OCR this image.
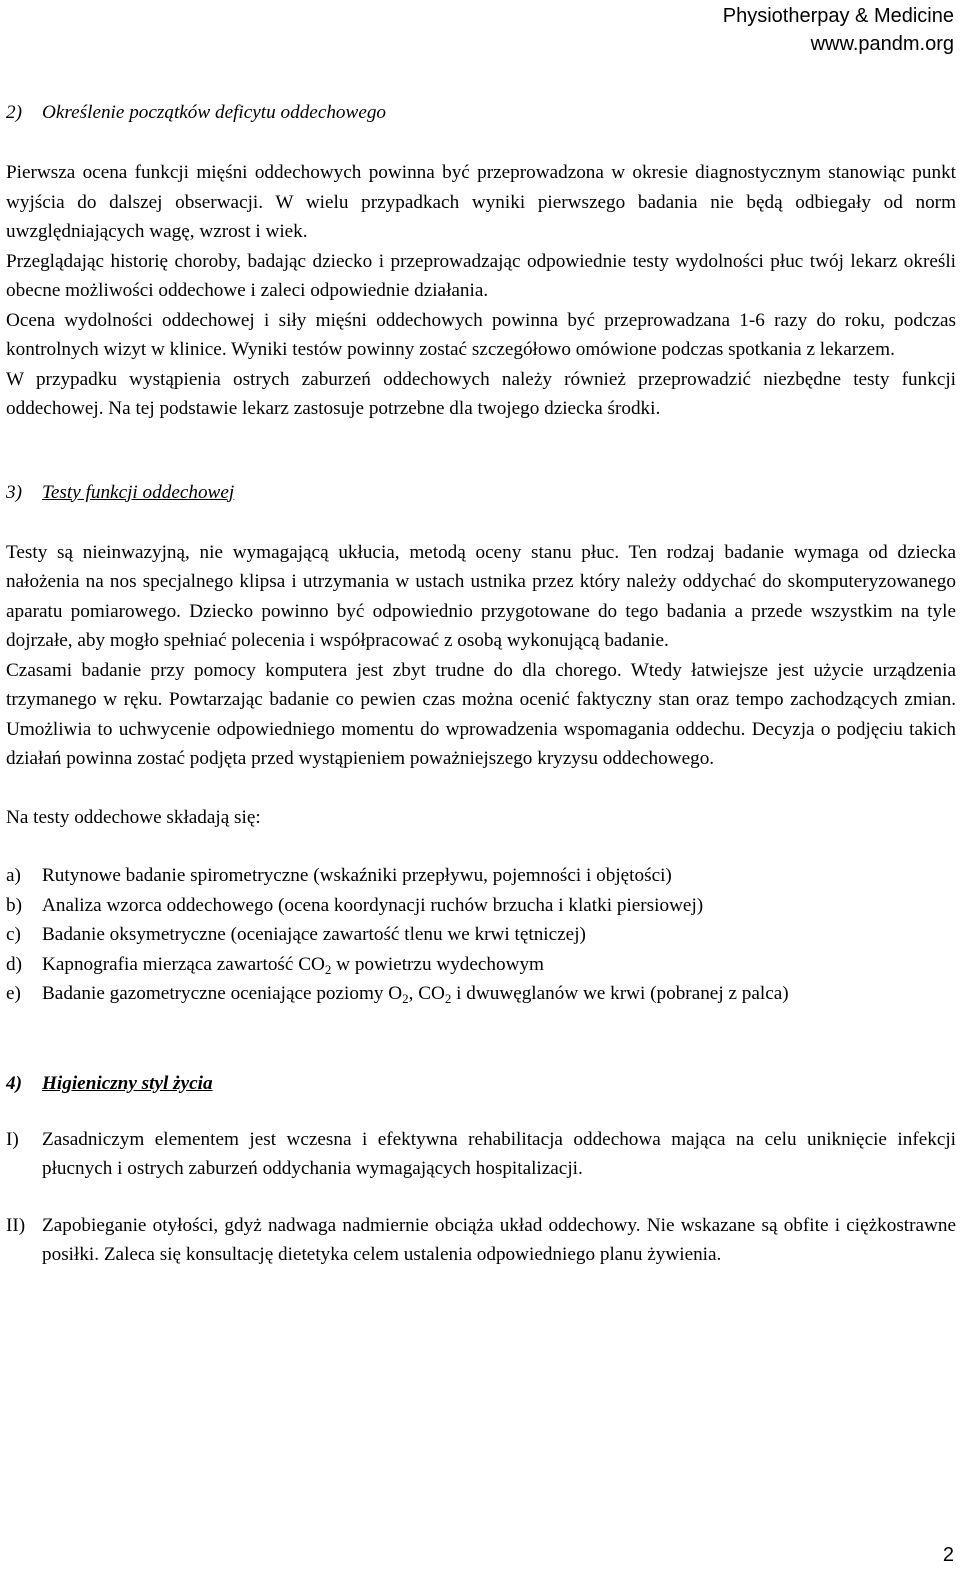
Physiotherpay & Medicine
www.pandm.org
2) Określenie początków deficytu oddechowego

Pierwsza ocena funkcji mięśni oddechowych powinna być przeprowadzona w okresie diagnostycznym stanowiąc punkt wyjścia do dalszej obserwacji. W wielu przypadkach wyniki pierwszego badania nie będą odbiegały od norm uwzględniających wagę, wzrost i wiek.

Przeglądając historię choroby, badając dziecko i przeprowadzając odpowiednie testy wydolności płuc twój lekarz określi obecne możliwości oddechowe i zaleci odpowiednie działania.

Ocena wydolności oddechowej i siły mięśni oddechowych powinna być przeprowadzana 1-6 razy do roku, podczas kontrolnych wizyt w klinice. Wyniki testów powinny zostać szczegółowo omówione podczas spotkania z lekarzem.

W przypadku wystąpienia ostrych zaburzeń oddechowych należy również przeprowadzić niezbędne testy funkcji oddechowej. Na tej podstawie lekarz zastosuje potrzebne dla twojego dziecka środki.

3) Testy funkcji oddechowej

Testy są nieinwazyjną, nie wymagającą ukłucia, metodą oceny stanu płuc. Ten rodzaj badanie wymaga od dziecka nałożenia na nos specjalnego klipsa i utrzymania w ustach ustnika przez który należy oddychać do skomputeryzowanego aparatu pomiarowego. Dziecko powinno być odpowiednio przygotowane do tego badania a przede wszystkim na tyle dojrzałe, aby mogło spełniać polecenia i współpracować z osobą wykonującą badanie.

Czasami badanie przy pomocy komputera jest zbyt trudne do dla chorego. Wtedy łatwiejsze jest użycie urządzenia trzymanego w ręku. Powtarzając badanie co pewien czas można ocenić faktyczny stan oraz tempo zachodzących zmian. Umożliwia to uchwycenie odpowiedniego momentu do wprowadzenia wspomagania oddechu. Decyzja o podjęciu takich działań powinna zostać podjęta przed wystąpieniem poważniejszego kryzysu oddechowego.

Na testy oddechowe składają się:

a)	Rutynowe badanie spirometryczne (wskaźniki przepływu, pojemności i objętości)
b)	Analiza wzorca oddechowego (ocena koordynacji ruchów brzucha i klatki piersiowej)
c)	Badanie oksymetryczne (oceniające zawartość tlenu we krwi tętniczej)
d)	Kapnografia mierząca zawartość $CO_2$ w powietrzu wydechowym
e)	Badanie gazometryczne oceniające poziomy $O_2$, $CO_2$ i dwuwęglanów we krwi (pobranej z palca)
4) Higieniczny styl życia
I)	Zasadniczym elementem jest wczesna i efektywna rehabilitacja oddechowa mająca na celu uniknięcie infekcji płucnych i ostrych zaburzeń oddychania wymagających hospitalizacji.
II) Zapobieganie otyłości, gdyż nadwaga nadmiernie obciąża układ oddechowy. Nie wskazane są obfite i ciężkostrawne posiłki. Zaleca się konsultację dietetyka celem ustalenia odpowiedniego planu żywienia.
2
